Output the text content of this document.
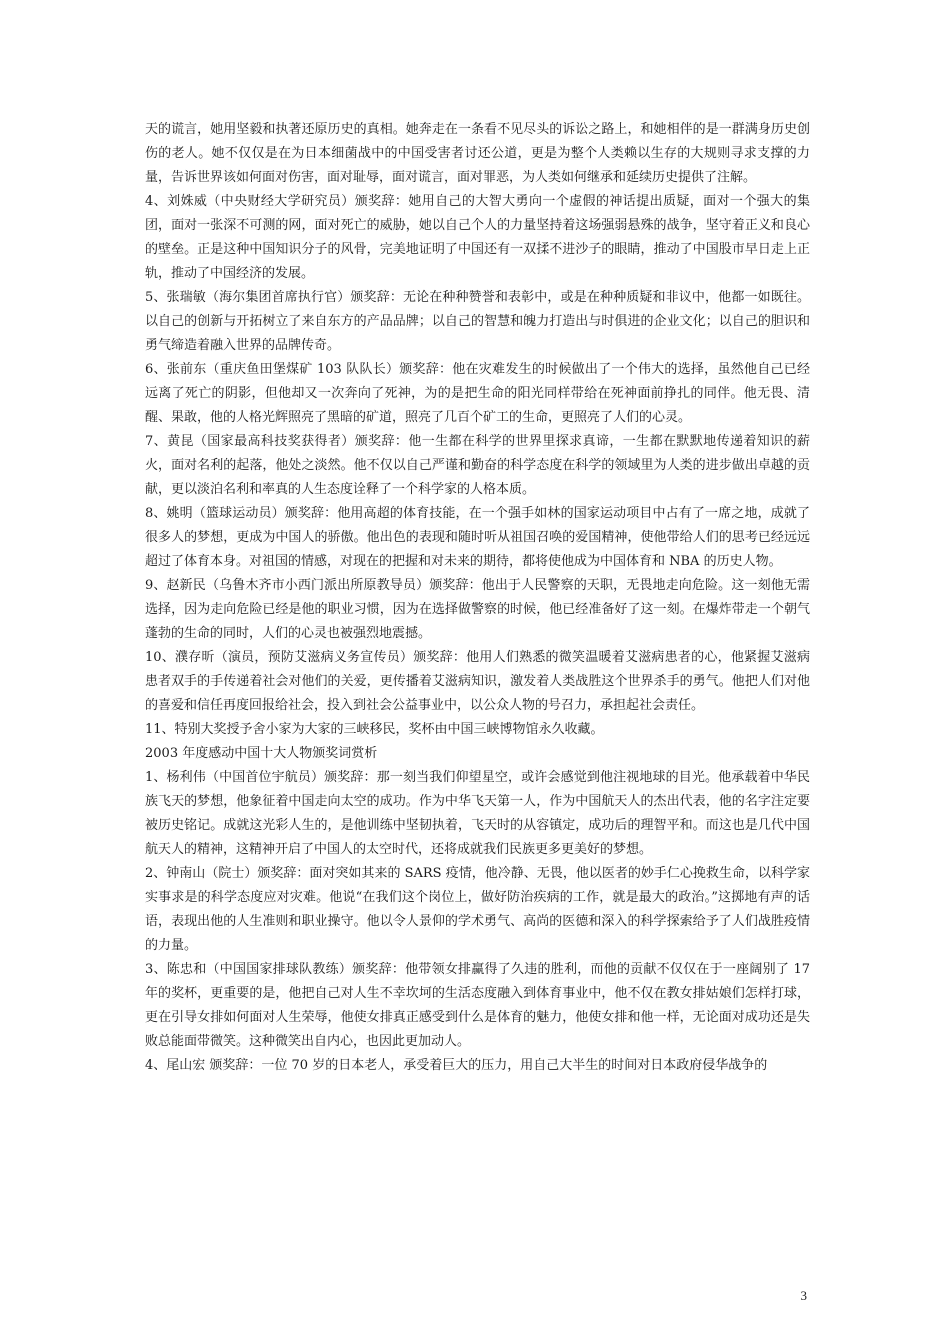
天的谎言，她用坚毅和执著还原历史的真相。她奔走在一条看不见尽头的诉讼之路上，和她相伴的是一群满身历史创伤的老人。她不仅仅是在为日本细菌战中的中国受害者讨还公道，更是为整个人类赖以生存的大规则寻求支撑的力量，告诉世界该如何面对伤害，面对耻辱，面对谎言，面对罪恶，为人类如何继承和延续历史提供了注解。

4、刘姝威（中央财经大学研究员）颁奖辞：她用自己的大智大勇向一个虚假的神话提出质疑，面对一个强大的集团，面对一张深不可测的网，面对死亡的威胁，她以自己个人的力量坚持着这场强弱悬殊的战争，坚守着正义和良心的壁垒。正是这种中国知识分子的风骨，完美地证明了中国还有一双揉不进沙子的眼睛，推动了中国股市早日走上正轨，推动了中国经济的发展。

5、张瑞敏（海尔集团首席执行官）颁奖辞：无论在种种赞誉和表彰中，或是在种种质疑和非议中，他都一如既往。以自己的创新与开拓树立了来自东方的产品品牌；以自己的智慧和魄力打造出与时俱进的企业文化；以自己的胆识和勇气缔造着融入世界的品牌传奇。

6、张前东（重庆鱼田堡煤矿 103 队队长）颁奖辞：他在灾难发生的时候做出了一个伟大的选择，虽然他自己已经远离了死亡的阴影，但他却又一次奔向了死神，为的是把生命的阳光同样带给在死神面前挣扎的同伴。他无畏、清醒、果敢，他的人格光辉照亮了黑暗的矿道，照亮了几百个矿工的生命，更照亮了人们的心灵。

7、黄昆（国家最高科技奖获得者）颁奖辞：他一生都在科学的世界里探求真谛，一生都在默默地传递着知识的薪火，面对名利的起落，他处之淡然。他不仅以自己严谨和勤奋的科学态度在科学的领域里为人类的进步做出卓越的贡献，更以淡泊名利和率真的人生态度诠释了一个科学家的人格本质。

8、姚明（篮球运动员）颁奖辞：他用高超的体育技能，在一个强手如林的国家运动项目中占有了一席之地，成就了很多人的梦想，更成为中国人的骄傲。他出色的表现和随时听从祖国召唤的爱国精神，使他带给人们的思考已经远远超过了体育本身。对祖国的情感，对现在的把握和对未来的期待，都将使他成为中国体育和 NBA 的历史人物。

9、赵新民（乌鲁木齐市小西门派出所原教导员）颁奖辞：他出于人民警察的天职，无畏地走向危险。这一刻他无需选择，因为走向危险已经是他的职业习惯，因为在选择做警察的时候，他已经准备好了这一刻。在爆炸带走一个朝气蓬勃的生命的同时，人们的心灵也被强烈地震撼。

10、濮存昕（演员，预防艾滋病义务宣传员）颁奖辞：他用人们熟悉的微笑温暖着艾滋病患者的心，他紧握艾滋病患者双手的手传递着社会对他们的关爱，更传播着艾滋病知识，激发着人类战胜这个世界杀手的勇气。他把人们对他的喜爱和信任再度回报给社会，投入到社会公益事业中，以公众人物的号召力，承担起社会责任。

11、特别大奖授予舍小家为大家的三峡移民，奖杯由中国三峡博物馆永久收藏。

2003 年度感动中国十大人物颁奖词赏析

1、杨利伟（中国首位宇航员）颁奖辞：那一刻当我们仰望星空，或许会感觉到他注视地球的目光。他承载着中华民族飞天的梦想，他象征着中国走向太空的成功。作为中华飞天第一人，作为中国航天人的杰出代表，他的名字注定要被历史铭记。成就这光彩人生的，是他训练中坚韧执着，飞天时的从容镇定，成功后的理智平和。而这也是几代中国航天人的精神，这精神开启了中国人的太空时代，还将成就我们民族更多更美好的梦想。

2、钟南山（院士）颁奖辞：面对突如其来的 SARS 疫情，他冷静、无畏，他以医者的妙手仁心挽救生命，以科学家实事求是的科学态度应对灾难。他说“在我们这个岗位上，做好防治疾病的工作，就是最大的政治。”这掷地有声的话语，表现出他的人生准则和职业操守。他以令人景仰的学术勇气、高尚的医德和深入的科学探索给予了人们战胜疫情的力量。

3、陈忠和（中国国家排球队教练）颁奖辞：他带领女排赢得了久违的胜利，而他的贡献不仅仅在于一座阔别了 17 年的奖杯，更重要的是，他把自己对人生不幸坎坷的生活态度融入到体育事业中，他不仅在教女排姑娘们怎样打球，更在引导女排如何面对人生荣辱，他使女排真正感受到什么是体育的魅力，他使女排和他一样，无论面对成功还是失败总能面带微笑。这种微笑出自内心，也因此更加动人。

4、尾山宏 颁奖辞：一位 70 岁的日本老人，承受着巨大的压力，用自己大半生的时间对日本政府侵华战争的

3
